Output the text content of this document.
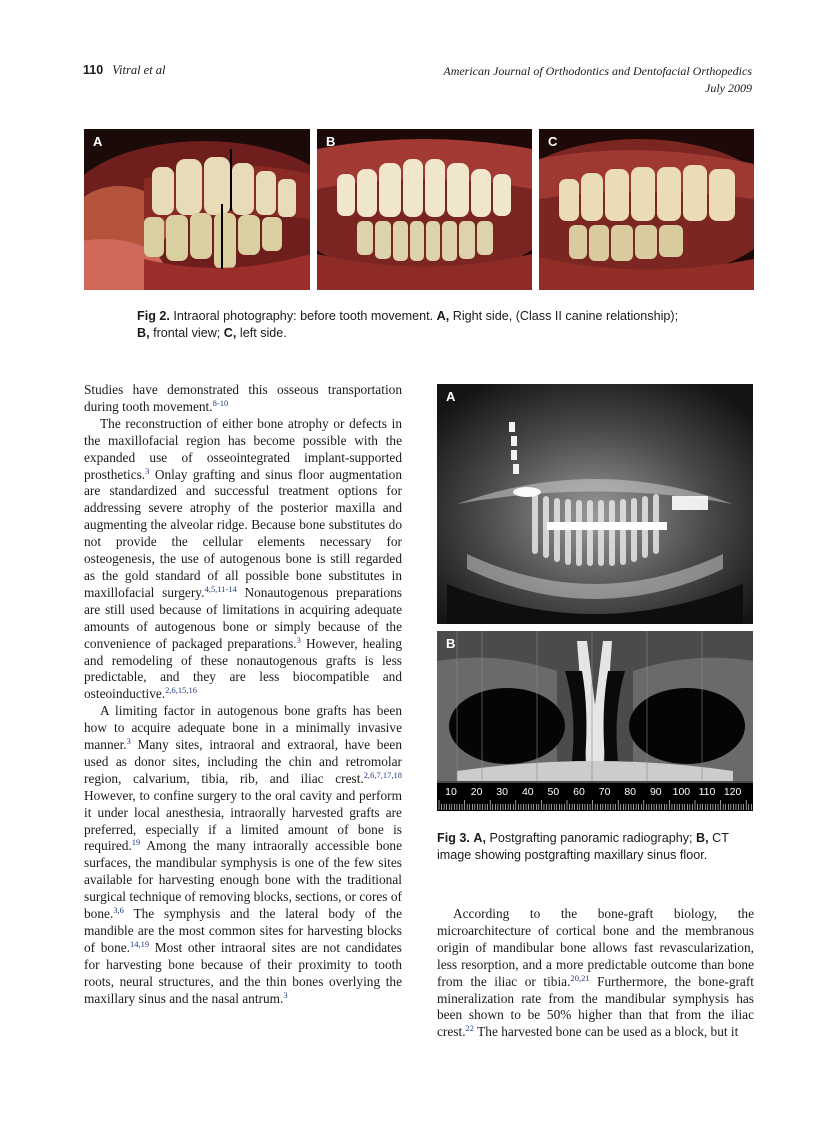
110 Vitral et al	American Journal of Orthodontics and Dentofacial Orthopedics
July 2009
A	B	C
Fig 2. Intraoral photography: before tooth movement. A, Right side, (Class II canine relationship);
B, frontal view; C, left side.

Studies have demonstrated this osseous transportation during tooth movement.$^{8-10}$

The reconstruction of either bone atrophy or defects in the maxillofacial region has become possible with the expanded use of osseointegrated implant-supported prosthetics.$^3$ Onlay grafting and sinus floor augmentation are standardized and successful treatment options for addressing severe atrophy of the posterior maxilla and augmenting the alveolar ridge. Because bone substitutes do not provide the cellular elements necessary for osteogenesis, the use of autogenous bone is still regarded as the gold standard of all possible bone substitutes in maxillofacial surgery.$^{4,5,11-14}$ Nonautogenous preparations are still used because of limitations in acquiring adequate amounts of autogenous bone or simply because of the convenience of packaged preparations.$^3$ However, healing and remodeling of these nonautogenous grafts is less predictable, and they are less biocompatible and osteoinductive.$^{2,6,15,16}$

A limiting factor in autogenous bone grafts has been how to acquire adequate bone in a minimally invasive manner.$^3$ Many sites, intraoral and extraoral, have been used as donor sites, including the chin and retromolar region, calvarium, tibia, rib, and iliac crest.$^{2,6,7,17,18}$ However, to confine surgery to the oral cavity and perform it under local anesthesia, intraorally harvested grafts are preferred, especially if a limited amount of bone is required.$^{19}$ Among the many intraorally accessible bone surfaces, the mandibular symphysis is one of the few sites available for harvesting enough bone with the traditional surgical technique of removing blocks, sections, or cores of bone.$^{3,6}$ The symphysis and the lateral body of the mandible are the most common sites for harvesting blocks of bone.$^{14,19}$ Most other intraoral sites are not candidates for harvesting bone because of their proximity to tooth roots, neural structures, and the thin bones overlying the maxillary sinus and the nasal antrum.$^3$

A
B
10 20 30 40 50 60 70 80 90 100 110 120
Fig 3. A, Postgrafting panoramic radiography; B, CT image showing postgrafting maxillary sinus floor.

According to the bone-graft biology, the microarchitecture of cortical bone and the membranous origin of mandibular bone allows fast revascularization, less resorption, and a more predictable outcome than bone from the iliac or tibia.$^{20,21}$ Furthermore, the bone-graft mineralization rate from the mandibular symphysis has been shown to be 50% higher than that from the iliac crest.$^{22}$ The harvested bone can be used as a block, but it
